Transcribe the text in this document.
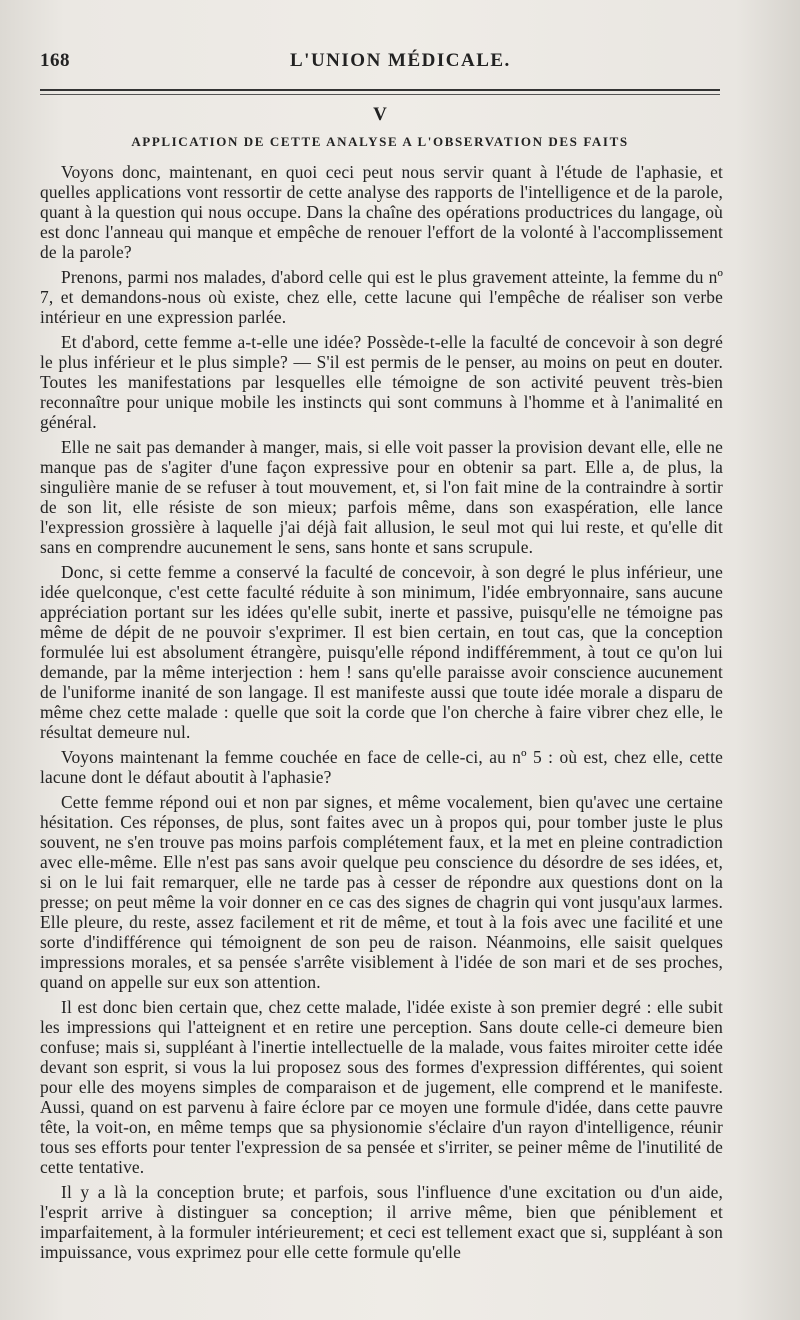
168	L'UNION MÉDICALE.
V
APPLICATION DE CETTE ANALYSE A L'OBSERVATION DES FAITS

Voyons donc, maintenant, en quoi ceci peut nous servir quant à l'étude de l'aphasie, et quelles applications vont ressortir de cette analyse des rapports de l'intelligence et de la parole, quant à la question qui nous occupe. Dans la chaîne des opérations productrices du langage, où est donc l'anneau qui manque et empêche de renouer l'effort de la volonté à l'accomplissement de la parole?

Prenons, parmi nos malades, d'abord celle qui est le plus gravement atteinte, la femme du nº 7, et demandons-nous où existe, chez elle, cette lacune qui l'empêche de réaliser son verbe intérieur en une expression parlée.

Et d'abord, cette femme a-t-elle une idée? Possède-t-elle la faculté de concevoir à son degré le plus inférieur et le plus simple? — S'il est permis de le penser, au moins on peut en douter. Toutes les manifestations par lesquelles elle témoigne de son activité peuvent très-bien reconnaître pour unique mobile les instincts qui sont communs à l'homme et à l'animalité en général.

Elle ne sait pas demander à manger, mais, si elle voit passer la provision devant elle, elle ne manque pas de s'agiter d'une façon expressive pour en obtenir sa part. Elle a, de plus, la singulière manie de se refuser à tout mouvement, et, si l'on fait mine de la contraindre à sortir de son lit, elle résiste de son mieux; parfois même, dans son exaspération, elle lance l'expression grossière à laquelle j'ai déjà fait allusion, le seul mot qui lui reste, et qu'elle dit sans en comprendre aucunement le sens, sans honte et sans scrupule.

Donc, si cette femme a conservé la faculté de concevoir, à son degré le plus inférieur, une idée quelconque, c'est cette faculté réduite à son minimum, l'idée embryonnaire, sans aucune appréciation portant sur les idées qu'elle subit, inerte et passive, puisqu'elle ne témoigne pas même de dépit de ne pouvoir s'exprimer. Il est bien certain, en tout cas, que la conception formulée lui est absolument étrangère, puisqu'elle répond indifféremment, à tout ce qu'on lui demande, par la même interjection : hem ! sans qu'elle paraisse avoir conscience aucunement de l'uniforme inanité de son langage. Il est manifeste aussi que toute idée morale a disparu de même chez cette malade : quelle que soit la corde que l'on cherche à faire vibrer chez elle, le résultat demeure nul.

Voyons maintenant la femme couchée en face de celle-ci, au nº 5 : où est, chez elle, cette lacune dont le défaut aboutit à l'aphasie?

Cette femme répond oui et non par signes, et même vocalement, bien qu'avec une certaine hésitation. Ces réponses, de plus, sont faites avec un à propos qui, pour tomber juste le plus souvent, ne s'en trouve pas moins parfois complétement faux, et la met en pleine contradiction avec elle-même. Elle n'est pas sans avoir quelque peu conscience du désordre de ses idées, et, si on le lui fait remarquer, elle ne tarde pas à cesser de répondre aux questions dont on la presse; on peut même la voir donner en ce cas des signes de chagrin qui vont jusqu'aux larmes. Elle pleure, du reste, assez facilement et rit de même, et tout à la fois avec une facilité et une sorte d'indifférence qui témoignent de son peu de raison. Néanmoins, elle saisit quelques impressions morales, et sa pensée s'arrête visiblement à l'idée de son mari et de ses proches, quand on appelle sur eux son attention.

Il est donc bien certain que, chez cette malade, l'idée existe à son premier degré : elle subit les impressions qui l'atteignent et en retire une perception. Sans doute celle-ci demeure bien confuse; mais si, suppléant à l'inertie intellectuelle de la malade, vous faites miroiter cette idée devant son esprit, si vous la lui proposez sous des formes d'expression différentes, qui soient pour elle des moyens simples de comparaison et de jugement, elle comprend et le manifeste. Aussi, quand on est parvenu à faire éclore par ce moyen une formule d'idée, dans cette pauvre tête, la voit-on, en même temps que sa physionomie s'éclaire d'un rayon d'intelligence, réunir tous ses efforts pour tenter l'expression de sa pensée et s'irriter, se peiner même de l'inutilité de cette tentative.

Il y a là la conception brute; et parfois, sous l'influence d'une excitation ou d'un aide, l'esprit arrive à distinguer sa conception; il arrive même, bien que péniblement et imparfaitement, à la formuler intérieurement; et ceci est tellement exact que si, suppléant à son impuissance, vous exprimez pour elle cette formule qu'elle
